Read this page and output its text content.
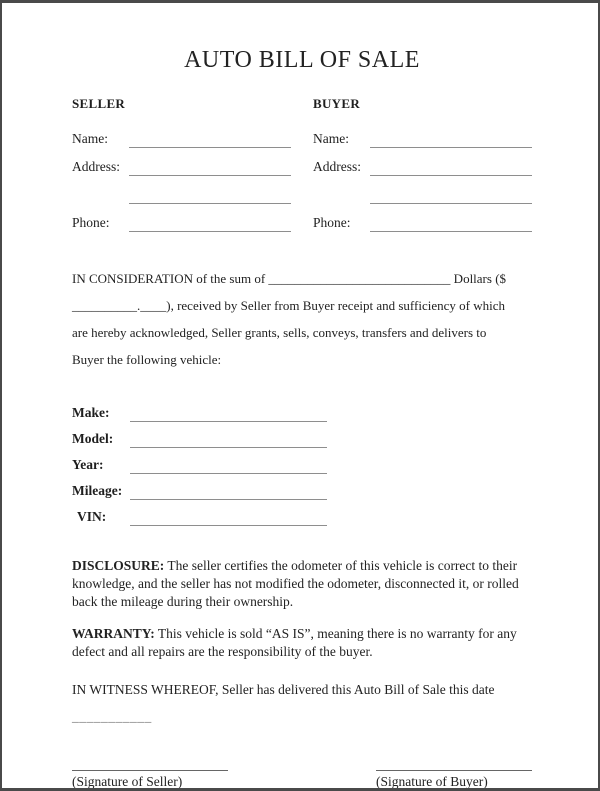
AUTO BILL OF SALE
SELLER
Name:
Address:
Phone:
BUYER
Name:
Address:
Phone:
IN CONSIDERATION of the sum of ____________________________ Dollars ($
__________.____), received by Seller from Buyer receipt and sufficiency of which
are hereby acknowledged, Seller grants, sells, conveys, transfers and delivers to
Buyer the following vehicle:
Make:
Model:
Year:
Mileage:
VIN:

DISCLOSURE: The seller certifies the odometer of this vehicle is correct to their knowledge, and the seller has not modified the odometer, disconnected it, or rolled back the mileage during their ownership.

WARRANTY: This vehicle is sold “AS IS”, meaning there is no warranty for any defect and all repairs are the responsibility of the buyer.

IN WITNESS WHEREOF, Seller has delivered this Auto Bill of Sale this date
___________
(Signature of Seller)	(Signature of Buyer)
